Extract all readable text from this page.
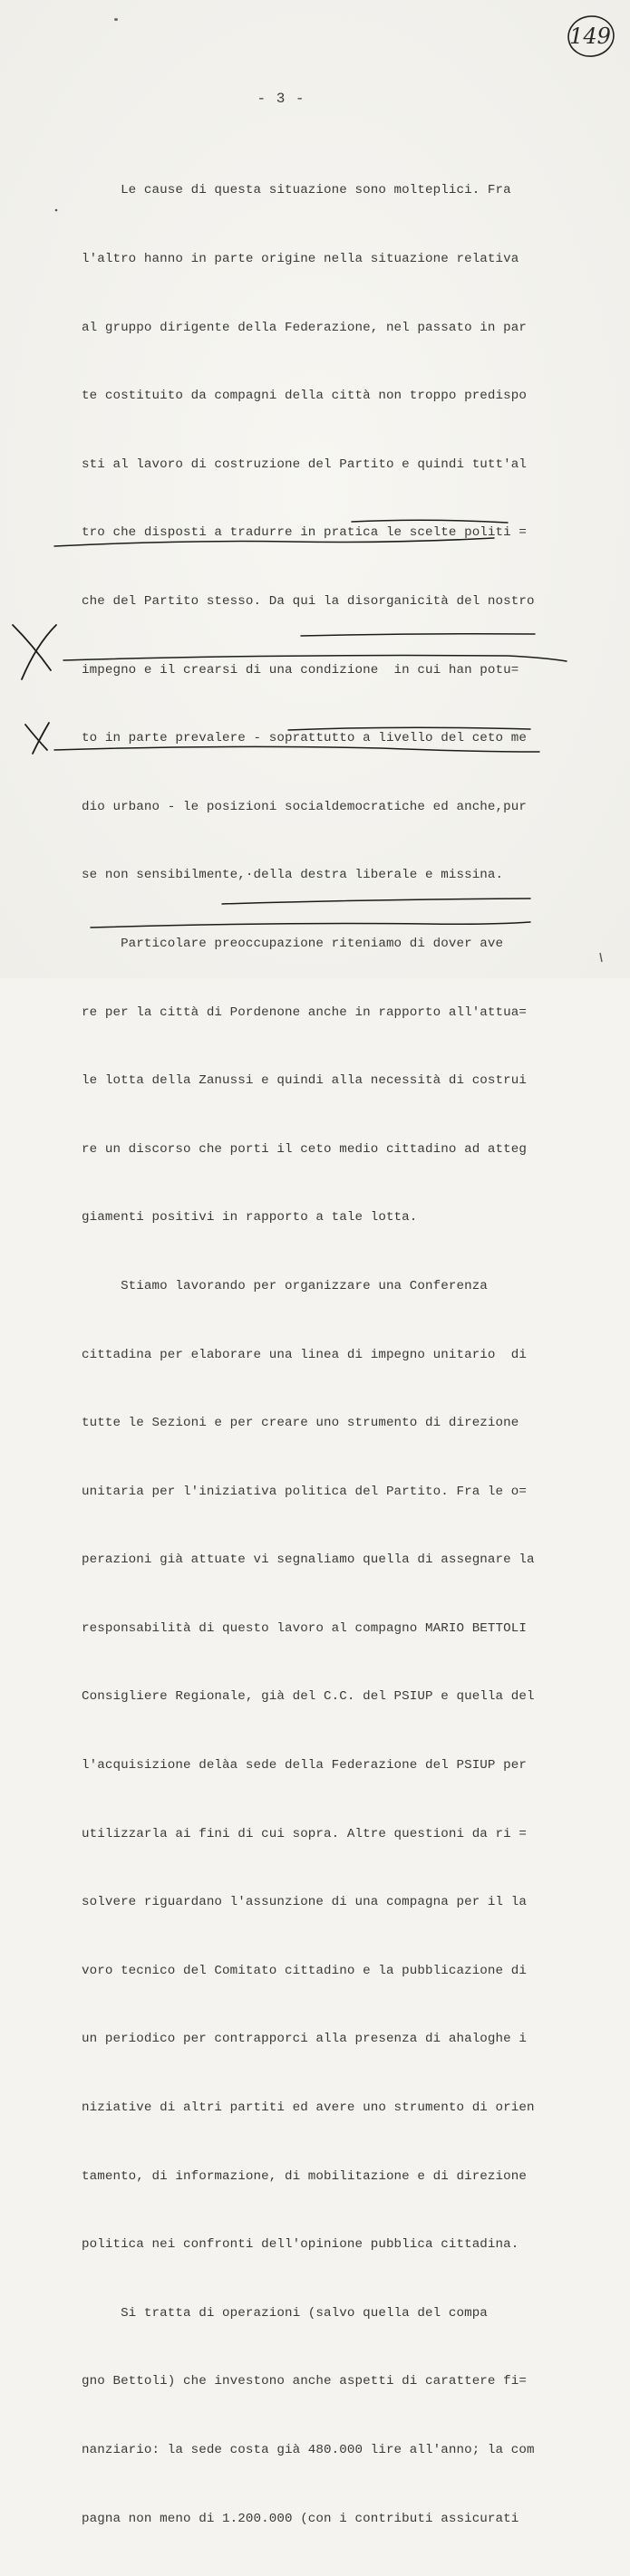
149
- 3 -

Le cause di questa situazione sono molteplici. Fra

l'altro hanno in parte origine nella situazione relativa

al gruppo dirigente della Federazione, nel passato in par

te costituito da compagni della città non troppo predispo

sti al lavoro di costruzione del Partito e quindi tutt'al

tro che disposti a tradurre in pratica le scelte politi =

che del Partito stesso. Da qui la disorganicità del nostro

impegno e il crearsi di una condizione  in cui han potu=

to in parte prevalere - soprattutto a livello del ceto me

dio urbano - le posizioni socialdemocratiche ed anche,pur

se non sensibilmente,·della destra liberale e missina.

Particolare preoccupazione riteniamo di dover ave

re per la città di Pordenone anche in rapporto all'attua=

le lotta della Zanussi e quindi alla necessità di costrui

re un discorso che porti il ceto medio cittadino ad atteg

giamenti positivi in rapporto a tale lotta.

Stiamo lavorando per organizzare una Conferenza

cittadina per elaborare una linea di impegno unitario  di

tutte le Sezioni e per creare uno strumento di direzione

unitaria per l'iniziativa politica del Partito. Fra le o=

perazioni già attuate vi segnaliamo quella di assegnare la

responsabilità di questo lavoro al compagno MARIO BETTOLI

Consigliere Regionale, già del C.C. del PSIUP e quella del

l'acquisizione delàa sede della Federazione del PSIUP per

utilizzarla ai fini di cui sopra. Altre questioni da ri =

solvere riguardano l'assunzione di una compagna per il la

voro tecnico del Comitato cittadino e la pubblicazione di

un periodico per contrapporci alla presenza di ahaloghe i

niziative di altri partiti ed avere uno strumento di orien

tamento, di informazione, di mobilitazione e di direzione

politica nei confronti dell'opinione pubblica cittadina.

Si tratta di operazioni (salvo quella del compa

gno Bettoli) che investono anche aspetti di carattere fi=

nanziario: la sede costa già 480.000 lire all'anno; la com

pagna non meno di 1.200.000 (con i contributi assicurati
